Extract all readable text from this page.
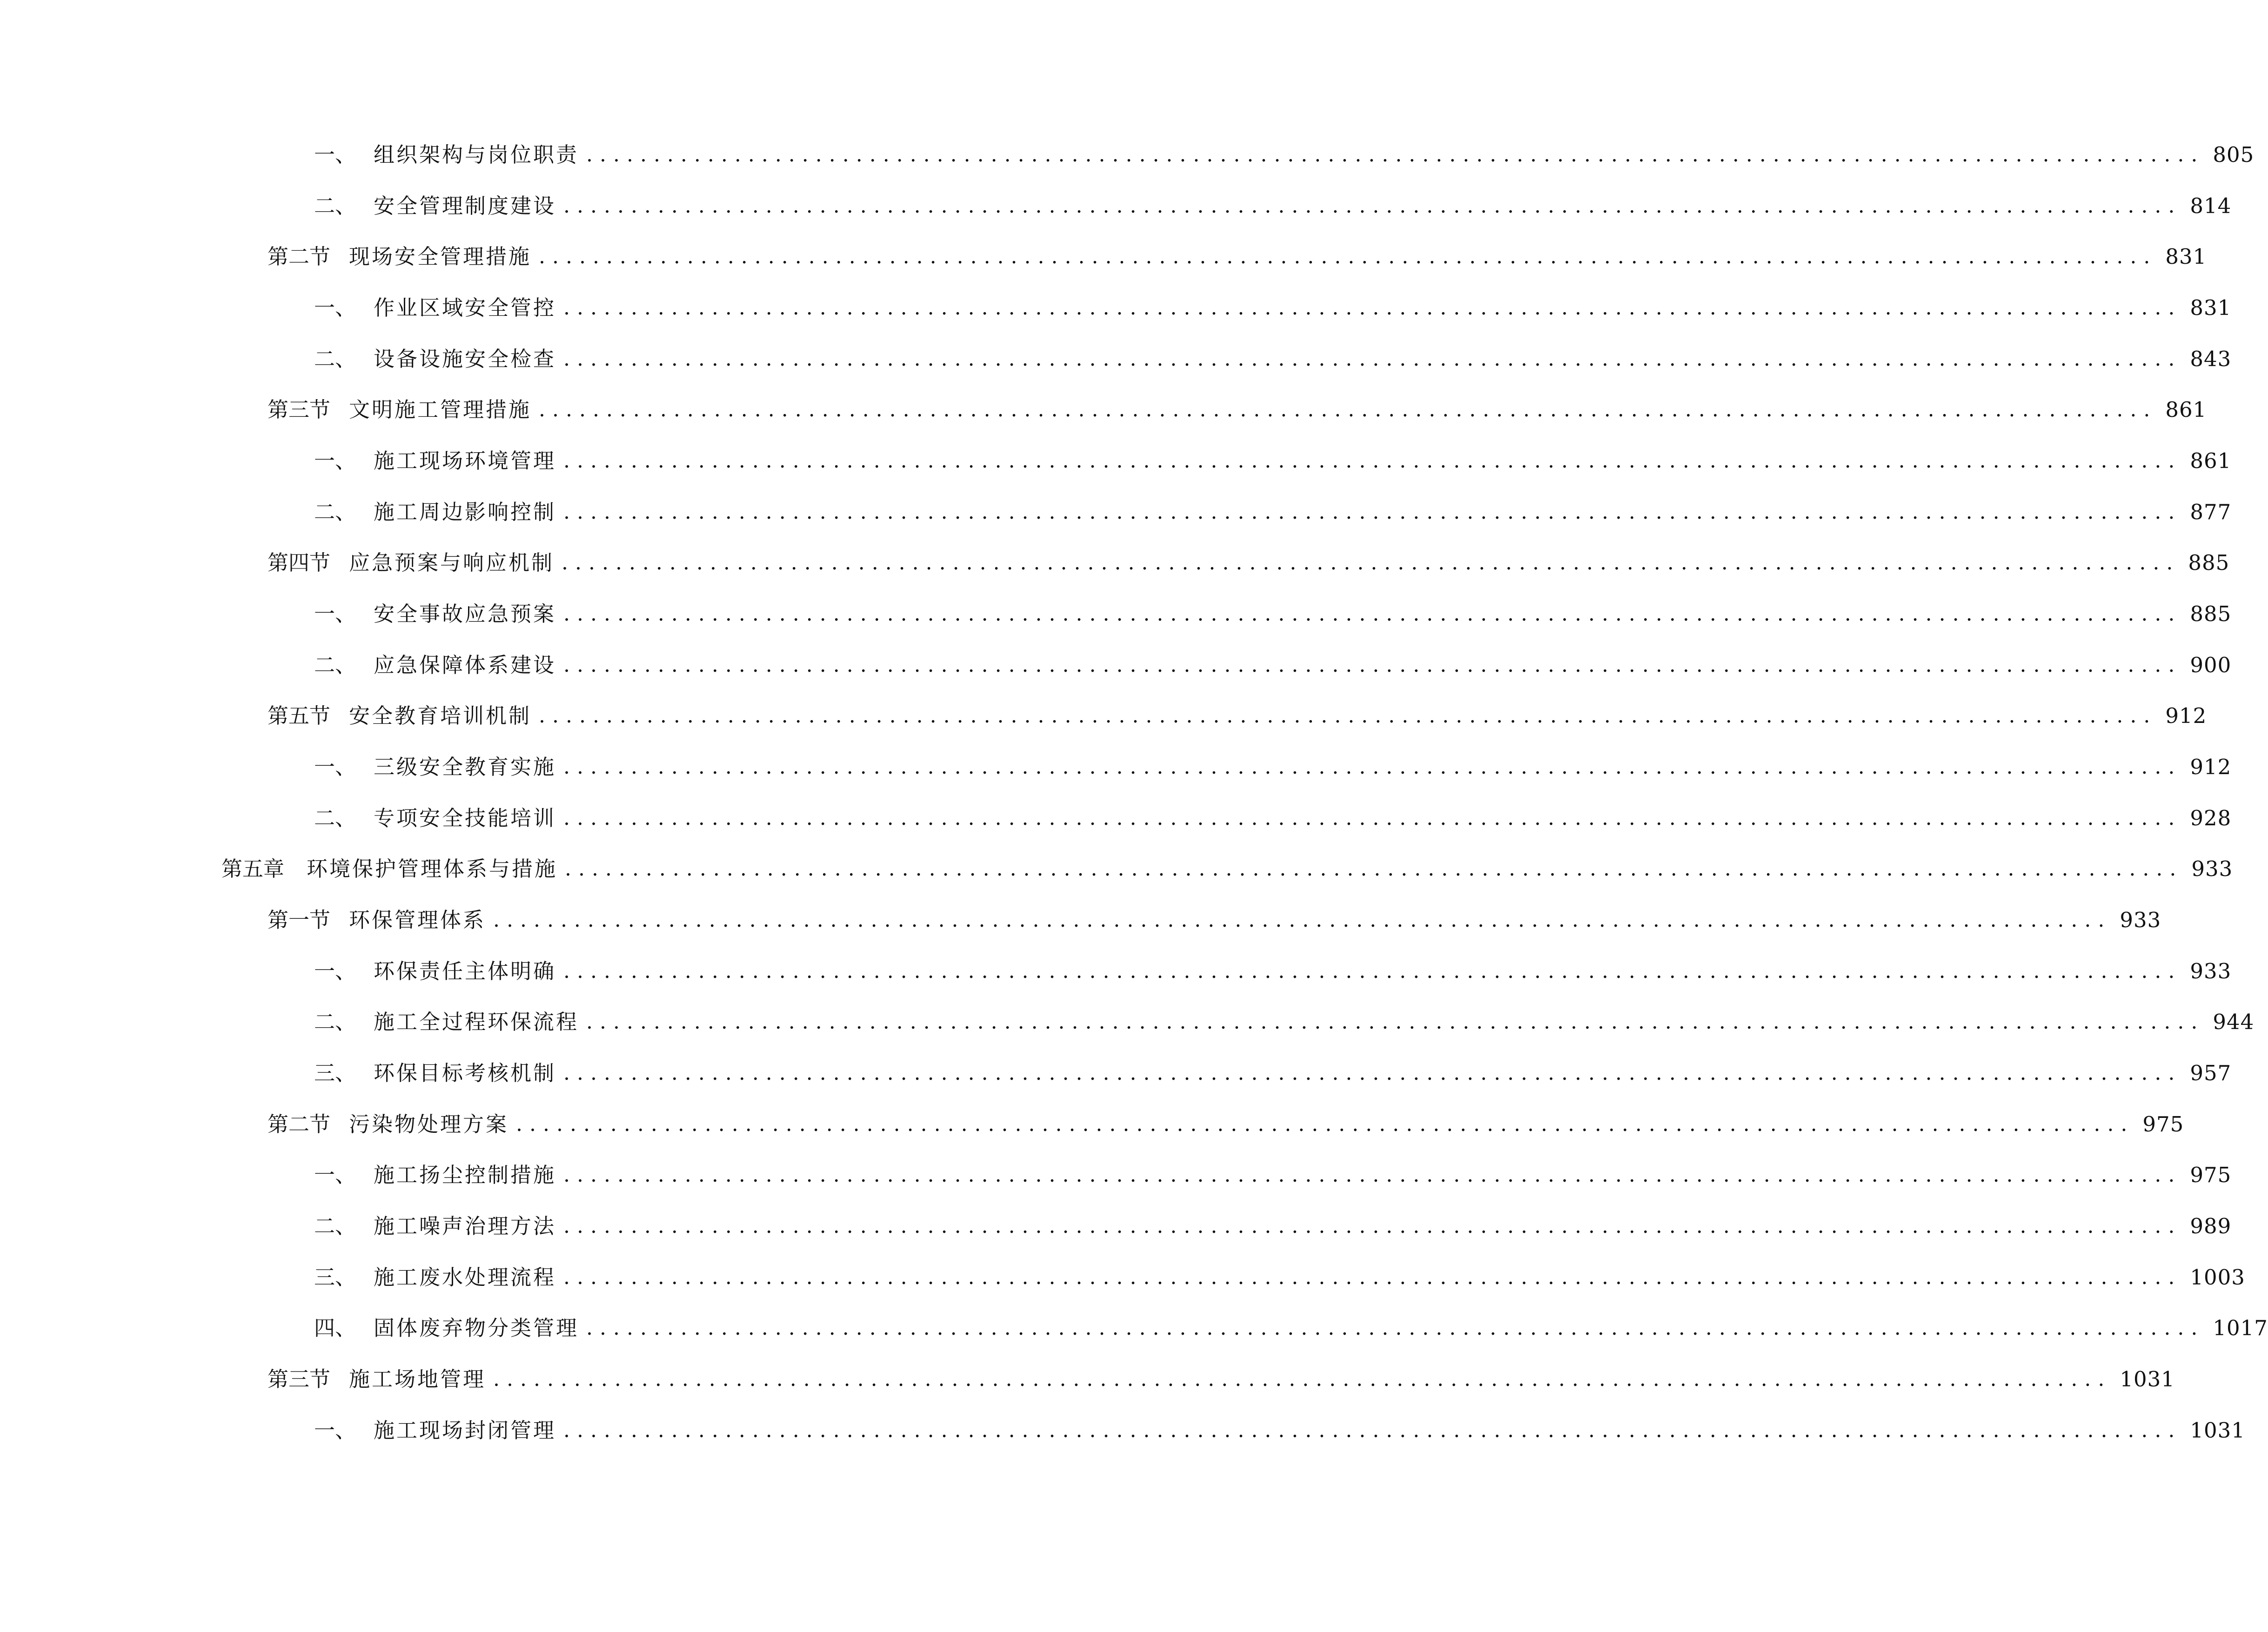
一、 组织架构与岗位职责 ........................................................................................................................ 805
二、 安全管理制度建设 ........................................................................................................................ 814
第二节 现场安全管理措施 ........................................................................................................................ 831
一、 作业区域安全管控 ........................................................................................................................ 831
二、 设备设施安全检查 ........................................................................................................................ 843
第三节 文明施工管理措施 ........................................................................................................................ 861
一、 施工现场环境管理 ........................................................................................................................ 861
二、 施工周边影响控制 ........................................................................................................................ 877
第四节 应急预案与响应机制 ........................................................................................................................ 885
一、 安全事故应急预案 ........................................................................................................................ 885
二、 应急保障体系建设 ........................................................................................................................ 900
第五节 安全教育培训机制 ........................................................................................................................ 912
一、 三级安全教育实施 ........................................................................................................................ 912
二、 专项安全技能培训 ........................................................................................................................ 928
第五章	环境保护管理体系与措施 ........................................................................................................................ 933
第一节 环保管理体系 ........................................................................................................................ 933
一、 环保责任主体明确 ........................................................................................................................ 933
二、 施工全过程环保流程 ........................................................................................................................ 944
三、 环保目标考核机制 ........................................................................................................................ 957
第二节 污染物处理方案 ........................................................................................................................ 975
一、 施工扬尘控制措施 ........................................................................................................................ 975
二、 施工噪声治理方法 ........................................................................................................................ 989
三、 施工废水处理流程 ........................................................................................................................ 1003
四、 固体废弃物分类管理 ........................................................................................................................ 1017
第三节 施工场地管理 ........................................................................................................................ 1031
一、 施工现场封闭管理 ........................................................................................................................ 1031
